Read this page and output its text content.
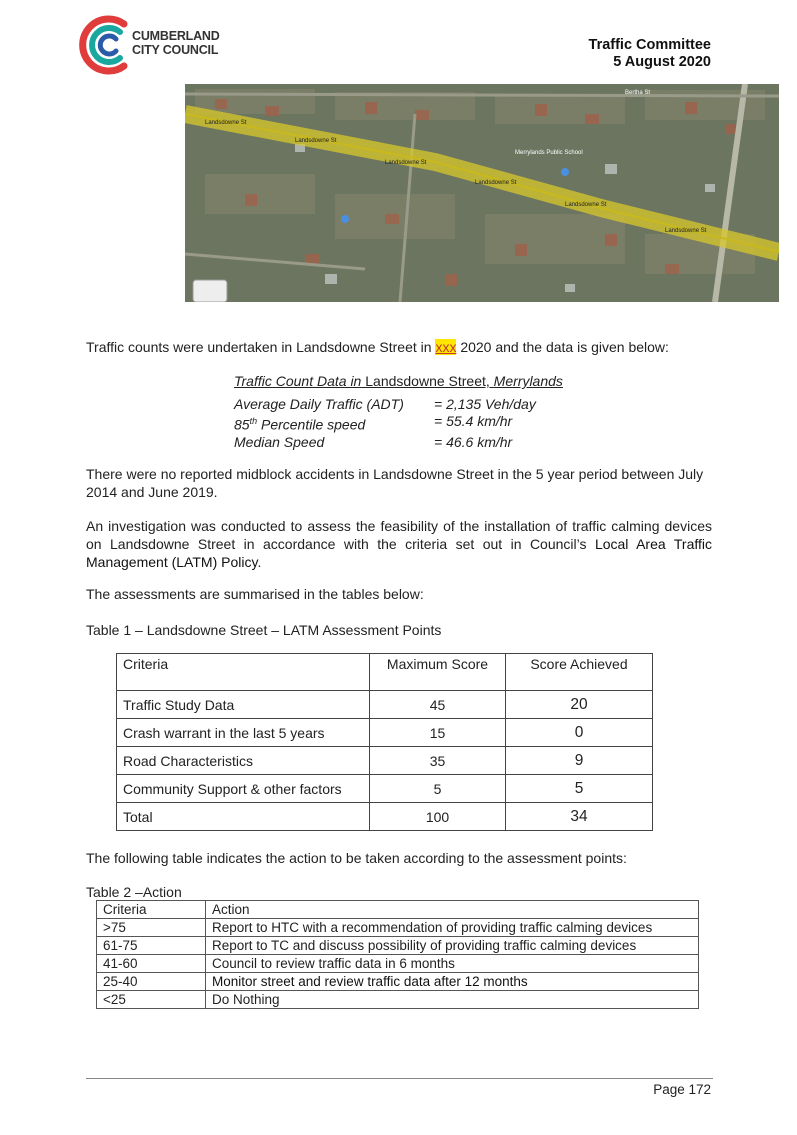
CUMBERLAND
CITY COUNCIL	Traffic Committee
5 August 2020
Landsdowne St
Landsdowne St
Landsdowne St
Landsdowne St
Landsdowne St
Landsdowne St
Merrylands Public School
Bertha St
Traffic counts were undertaken in Landsdowne Street in xxx 2020 and the data is given below:
Traffic Count Data in Landsdowne Street, Merrylands
Average Daily Traffic (ADT)	= 2,135 Veh/day
85th Percentile speed	= 55.4 km/hr
Median Speed	= 46.6 km/hr
There were no reported midblock accidents in Landsdowne Street in the 5 year period between July 2014 and June 2019.
An investigation was conducted to assess the feasibility of the installation of traffic calming devices on Landsdowne Street in accordance with the criteria set out in Council’s Local Area Traffic Management (LATM) Policy.
The assessments are summarised in the tables below:
Table 1 – Landsdowne Street – LATM Assessment Points
Criteria	Maximum Score	Score Achieved
Traffic Study Data	45	20
Crash warrant in the last 5 years	15	0
Road Characteristics	35	9
Community Support & other factors	5	5
Total	100	34
The following table indicates the action to be taken according to the assessment points:
Table 2 –Action
Criteria	Action
>75	Report to HTC with a recommendation of providing traffic calming devices
61-75	Report to TC and discuss possibility of providing traffic calming devices
41-60	Council to review traffic data in 6 months
25-40	Monitor street and review traffic data after 12 months
<25	Do Nothing
Page 172
